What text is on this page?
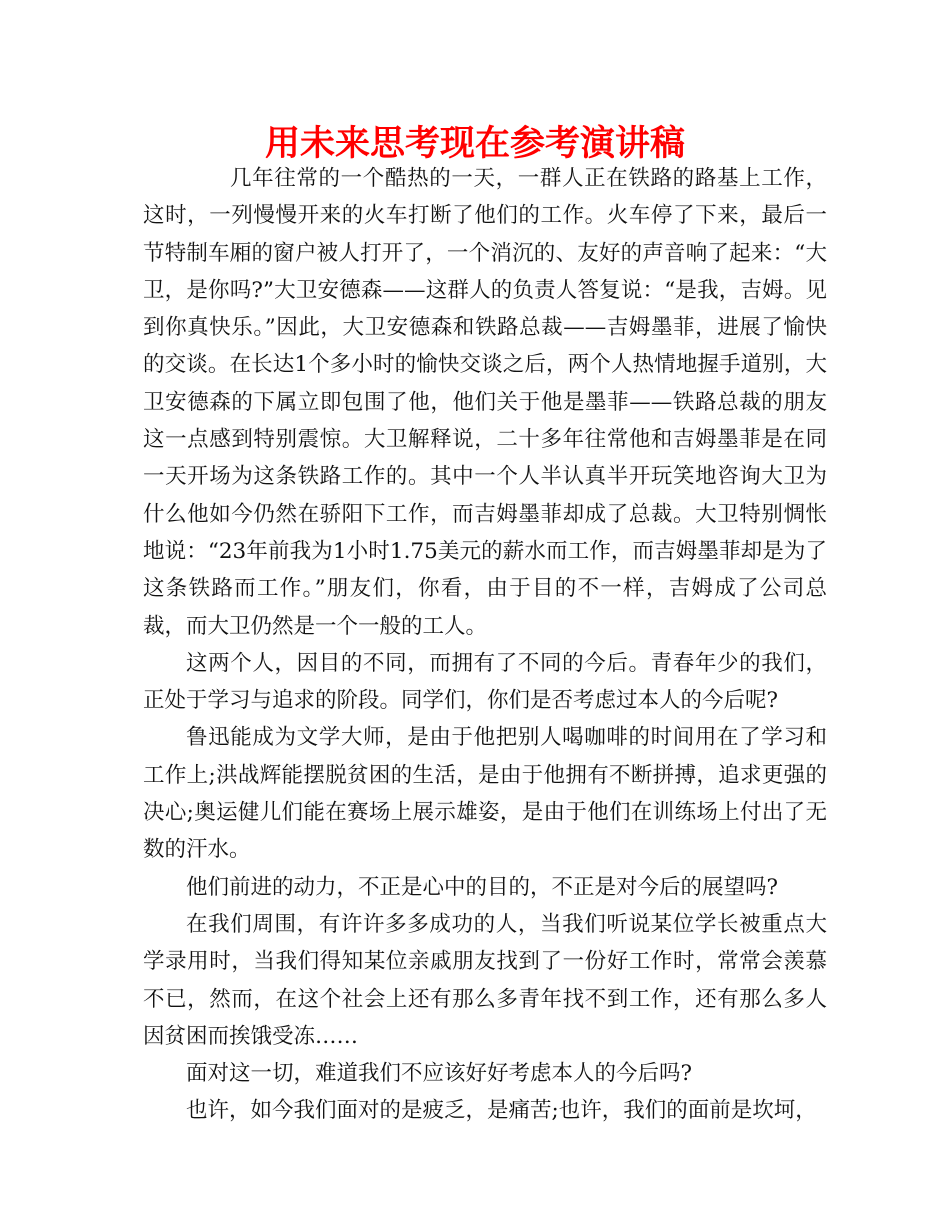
用未来思考现在参考演讲稿

几年往常的一个酷热的一天，一群人正在铁路的路基上工作，这时，一列慢慢开来的火车打断了他们的工作。火车停了下来，最后一节特制车厢的窗户被人打开了，一个消沉的、友好的声音响了起来：“大卫，是你吗?”大卫安德森——这群人的负责人答复说：“是我，吉姆。见到你真快乐。”因此，大卫安德森和铁路总裁——吉姆墨菲，进展了愉快的交谈。在长达1个多小时的愉快交谈之后，两个人热情地握手道别，大卫安德森的下属立即包围了他，他们关于他是墨菲——铁路总裁的朋友这一点感到特别震惊。大卫解释说，二十多年往常他和吉姆墨菲是在同一天开场为这条铁路工作的。其中一个人半认真半开玩笑地咨询大卫为什么他如今仍然在骄阳下工作，而吉姆墨菲却成了总裁。大卫特别惆怅地说：“23年前我为1小时1.75美元的薪水而工作，而吉姆墨菲却是为了这条铁路而工作。”朋友们，你看，由于目的不一样，吉姆成了公司总裁，而大卫仍然是一个一般的工人。

这两个人，因目的不同，而拥有了不同的今后。青春年少的我们，正处于学习与追求的阶段。同学们，你们是否考虑过本人的今后呢?

鲁迅能成为文学大师，是由于他把别人喝咖啡的时间用在了学习和工作上;洪战辉能摆脱贫困的生活，是由于他拥有不断拼搏，追求更强的决心;奥运健儿们能在赛场上展示雄姿，是由于他们在训练场上付出了无数的汗水。

他们前进的动力，不正是心中的目的，不正是对今后的展望吗?

在我们周围，有许许多多成功的人，当我们听说某位学长被重点大学录用时，当我们得知某位亲戚朋友找到了一份好工作时，常常会羡慕不已，然而，在这个社会上还有那么多青年找不到工作，还有那么多人因贫困而挨饿受冻……

面对这一切，难道我们不应该好好考虑本人的今后吗?

也许，如今我们面对的是疲乏，是痛苦;也许，我们的面前是坎坷，
